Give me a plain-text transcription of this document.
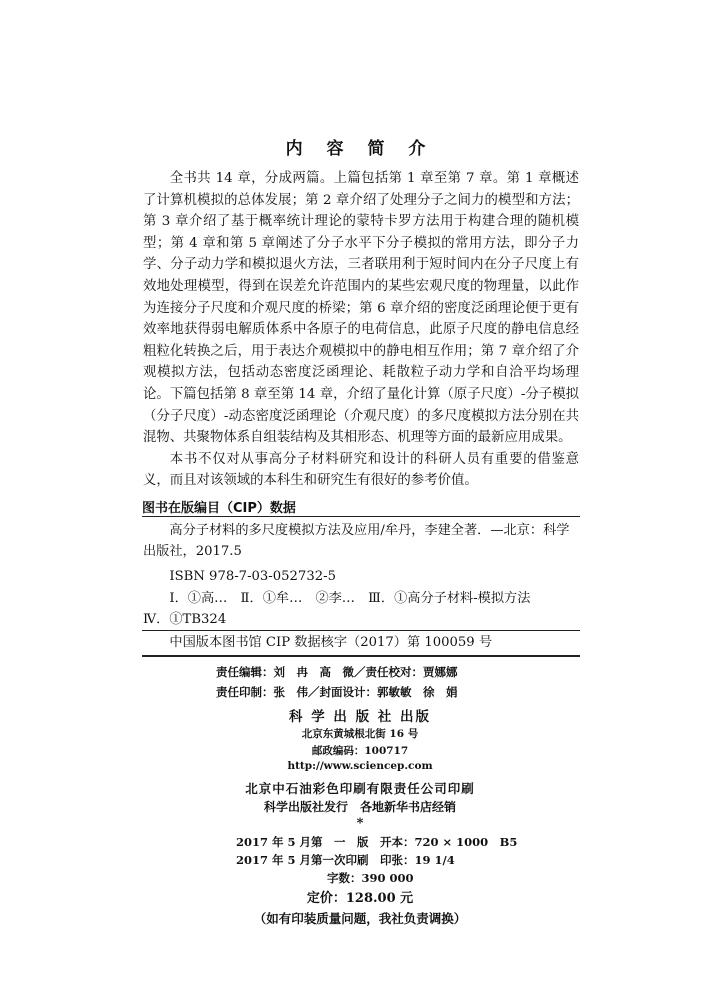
内 容 简 介

全书共 14 章，分成两篇。上篇包括第 1 章至第 7 章。第 1 章概述了计算机模拟的总体发展；第 2 章介绍了处理分子之间力的模型和方法；第 3 章介绍了基于概率统计理论的蒙特卡罗方法用于构建合理的随机模型；第 4 章和第 5 章阐述了分子水平下分子模拟的常用方法，即分子力学、分子动力学和模拟退火方法，三者联用利于短时间内在分子尺度上有效地处理模型，得到在误差允许范围内的某些宏观尺度的物理量，以此作为连接分子尺度和介观尺度的桥梁；第 6 章介绍的密度泛函理论便于更有效率地获得弱电解质体系中各原子的电荷信息，此原子尺度的静电信息经粗粒化转换之后，用于表达介观模拟中的静电相互作用；第 7 章介绍了介观模拟方法，包括动态密度泛函理论、耗散粒子动力学和自洽平均场理论。下篇包括第 8 章至第 14 章，介绍了量化计算（原子尺度）-分子模拟（分子尺度）-动态密度泛函理论（介观尺度）的多尺度模拟方法分别在共混物、共聚物体系自组装结构及其相形态、机理等方面的最新应用成果。

本书不仅对从事高分子材料研究和设计的科研人员有重要的借鉴意义，而且对该领域的本科生和研究生有很好的参考价值。

图书在版编目（CIP）数据

高分子材料的多尺度模拟方法及应用/牟丹，李建全著．—北京：科学出版社，2017.5

ISBN 978-7-03-052732-5

Ⅰ．①高…　Ⅱ．①牟…　②李…　Ⅲ．①高分子材料-模拟方法

Ⅳ．①TB324

中国版本图书馆 CIP 数据核字（2017）第 100059 号

责任编辑：刘　冉　高　微／责任校对：贾娜娜
责任印制：张　伟／封面设计：郭敏敏　徐　娟
科 学 出 版 社 出版
北京东黄城根北街 16 号
邮政编码：100717
http://www.sciencep.com
北京中石油彩色印刷有限责任公司印刷
科学出版社发行　各地新华书店经销
*
2017 年 5 月第　一　版　开本：720 × 1000　B5
2017 年 5 月第一次印刷　印张：19 1/4
字数：390 000
定价：128.00 元
（如有印装质量问题，我社负责调换）
